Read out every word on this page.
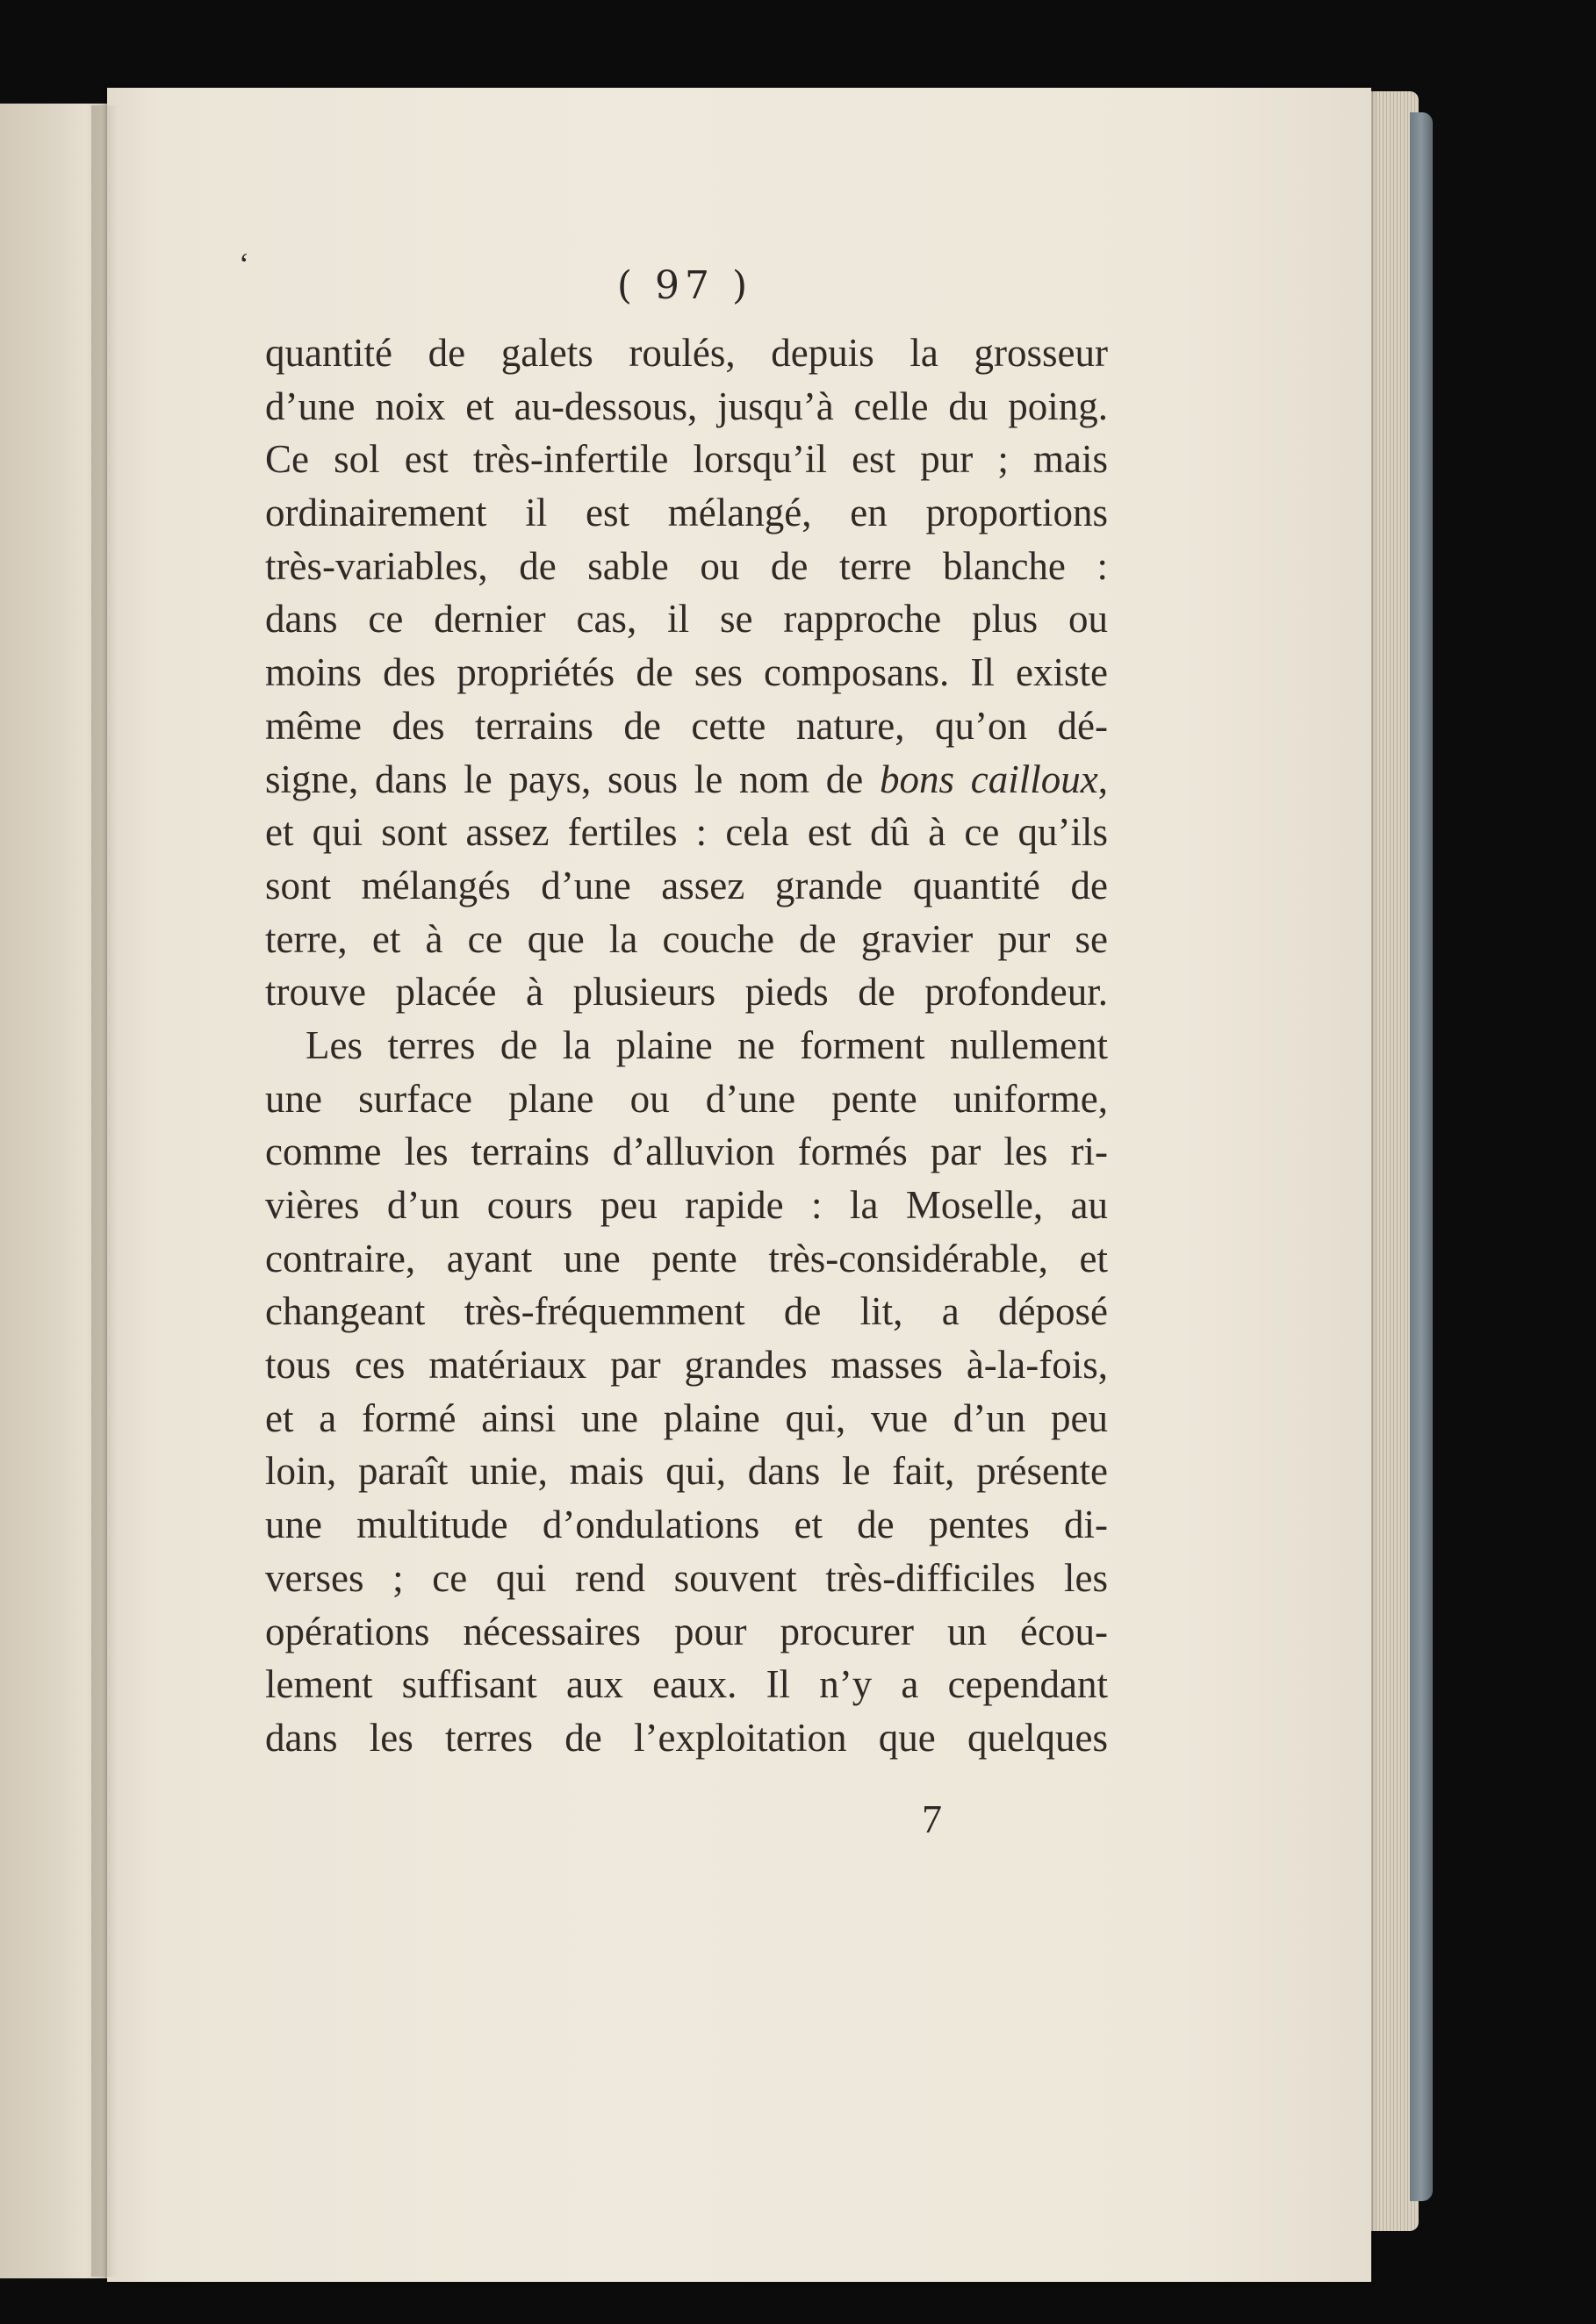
‘	( 97 )
quantité de galets roulés, depuis la grosseur
d’une noix et au-dessous, jusqu’à celle du poing.
Ce sol est très-infertile lorsqu’il est pur ; mais
ordinairement il est mélangé, en proportions
très-variables, de sable ou de terre blanche :
dans ce dernier cas, il se rapproche plus ou
moins des propriétés de ses composans. Il existe
même des terrains de cette nature, qu’on dé-
signe, dans le pays, sous le nom de bons cailloux,
et qui sont assez fertiles : cela est dû à ce qu’ils
sont mélangés d’une assez grande quantité de
terre, et à ce que la couche de gravier pur se
trouve placée à plusieurs pieds de profondeur.
Les terres de la plaine ne forment nullement
une surface plane ou d’une pente uniforme,
comme les terrains d’alluvion formés par les ri-
vières d’un cours peu rapide : la Moselle, au
contraire, ayant une pente très-considérable, et
changeant très-fréquemment de lit, a déposé
tous ces matériaux par grandes masses à-la-fois,
et a formé ainsi une plaine qui, vue d’un peu
loin, paraît unie, mais qui, dans le fait, présente
une multitude d’ondulations et de pentes di-
verses ; ce qui rend souvent très-difficiles les
opérations nécessaires pour procurer un écou-
lement suffisant aux eaux. Il n’y a cependant
dans les terres de l’exploitation que quelques
7
